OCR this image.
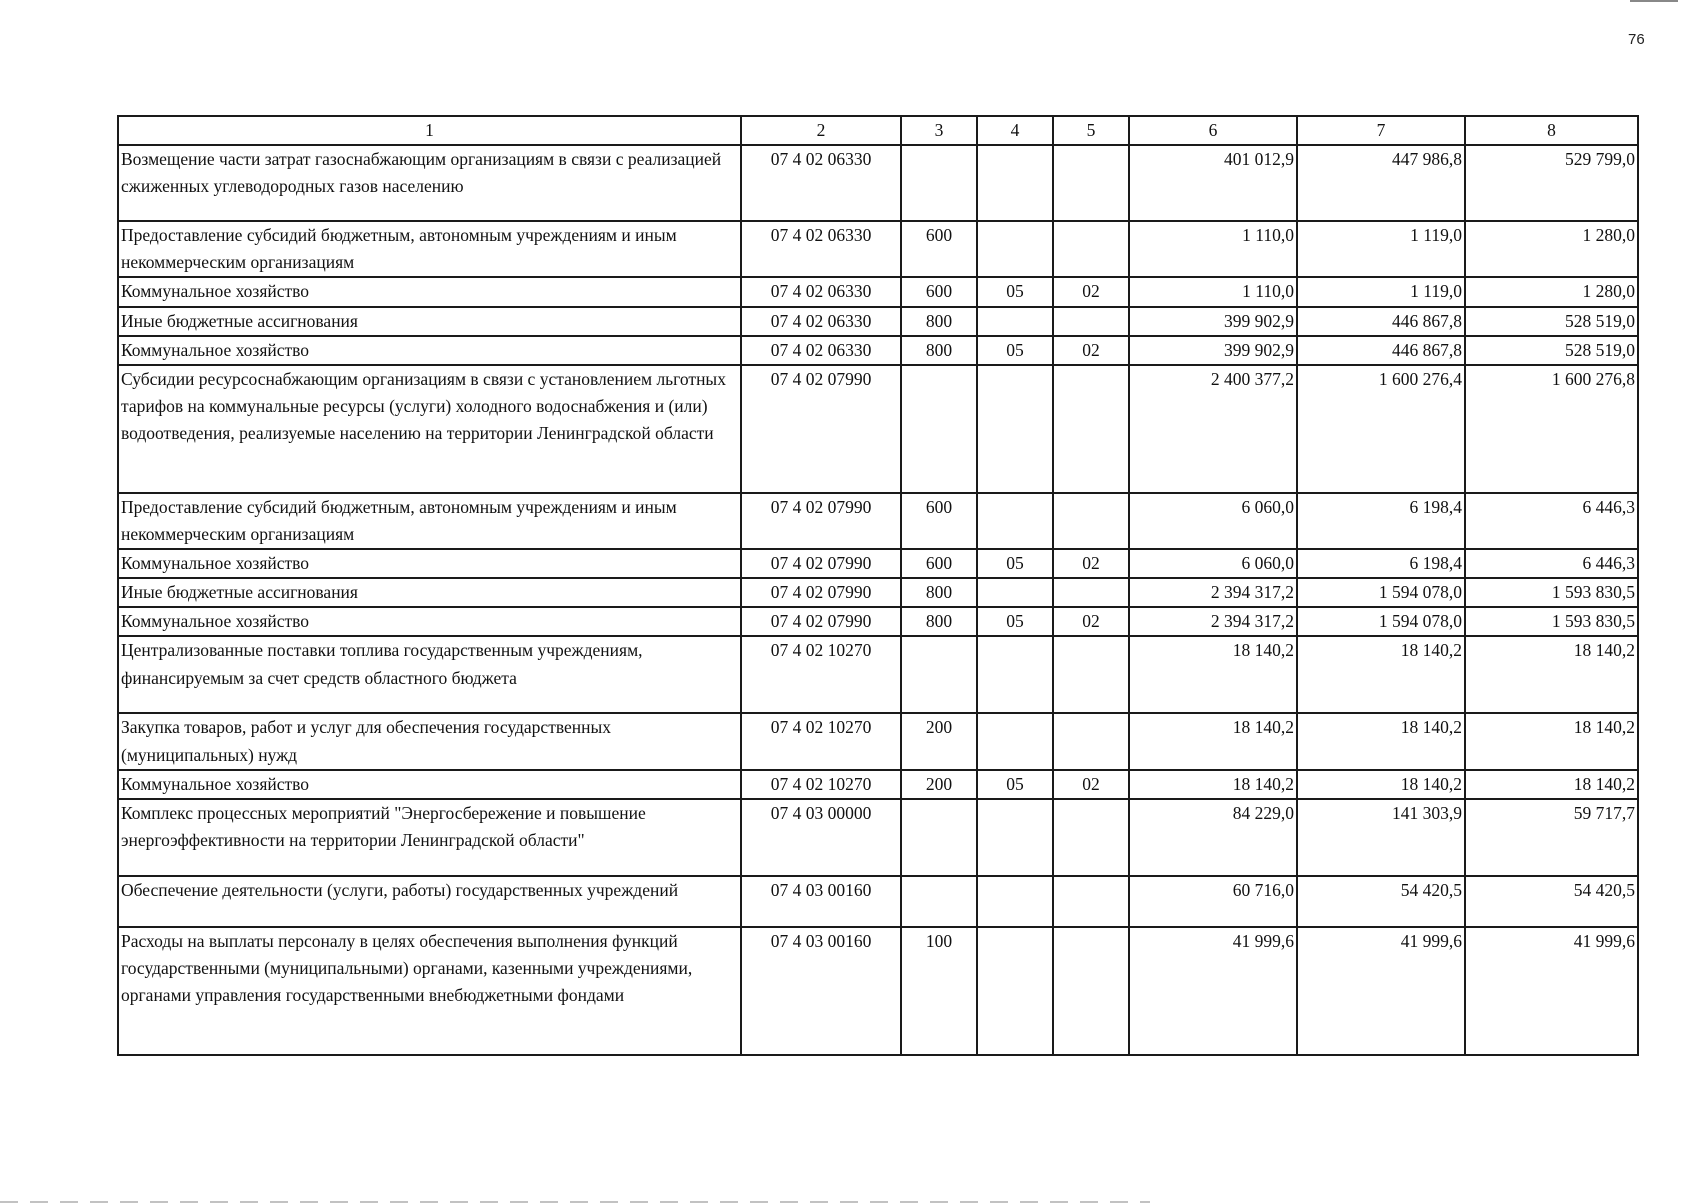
76
1	2	3	4	5	6	7	8
Возмещение части затрат газоснабжающим организациям в связи с реализацией сжиженных углеводородных газов населению	07 4 02 06330				401 012,9	447 986,8	529 799,0
Предоставление субсидий бюджетным, автономным учреждениям и иным некоммерческим организациям	07 4 02 06330	600			1 110,0	1 119,0	1 280,0
Коммунальное хозяйство	07 4 02 06330	600	05	02	1 110,0	1 119,0	1 280,0
Иные бюджетные ассигнования	07 4 02 06330	800			399 902,9	446 867,8	528 519,0
Коммунальное хозяйство	07 4 02 06330	800	05	02	399 902,9	446 867,8	528 519,0
Субсидии ресурсоснабжающим организациям в связи с установлением льготных тарифов на коммунальные ресурсы (услуги) холодного водоснабжения и (или) водоотведения, реализуемые населению на территории Ленинградской области	07 4 02 07990				2 400 377,2	1 600 276,4	1 600 276,8
Предоставление субсидий бюджетным, автономным учреждениям и иным некоммерческим организациям	07 4 02 07990	600			6 060,0	6 198,4	6 446,3
Коммунальное хозяйство	07 4 02 07990	600	05	02	6 060,0	6 198,4	6 446,3
Иные бюджетные ассигнования	07 4 02 07990	800			2 394 317,2	1 594 078,0	1 593 830,5
Коммунальное хозяйство	07 4 02 07990	800	05	02	2 394 317,2	1 594 078,0	1 593 830,5
Централизованные поставки топлива государственным учреждениям, финансируемым за счет средств областного бюджета	07 4 02 10270				18 140,2	18 140,2	18 140,2
Закупка товаров, работ и услуг для обеспечения государственных (муниципальных) нужд	07 4 02 10270	200			18 140,2	18 140,2	18 140,2
Коммунальное хозяйство	07 4 02 10270	200	05	02	18 140,2	18 140,2	18 140,2
Комплекс процессных мероприятий "Энергосбережение и повышение энергоэффективности на территории Ленинградской области"	07 4 03 00000				84 229,0	141 303,9	59 717,7
Обеспечение деятельности (услуги, работы) государственных учреждений	07 4 03 00160				60 716,0	54 420,5	54 420,5
Расходы на выплаты персоналу в целях обеспечения выполнения функций государственными (муниципальными) органами, казенными учреждениями, органами управления государственными внебюджетными фондами	07 4 03 00160	100			41 999,6	41 999,6	41 999,6
